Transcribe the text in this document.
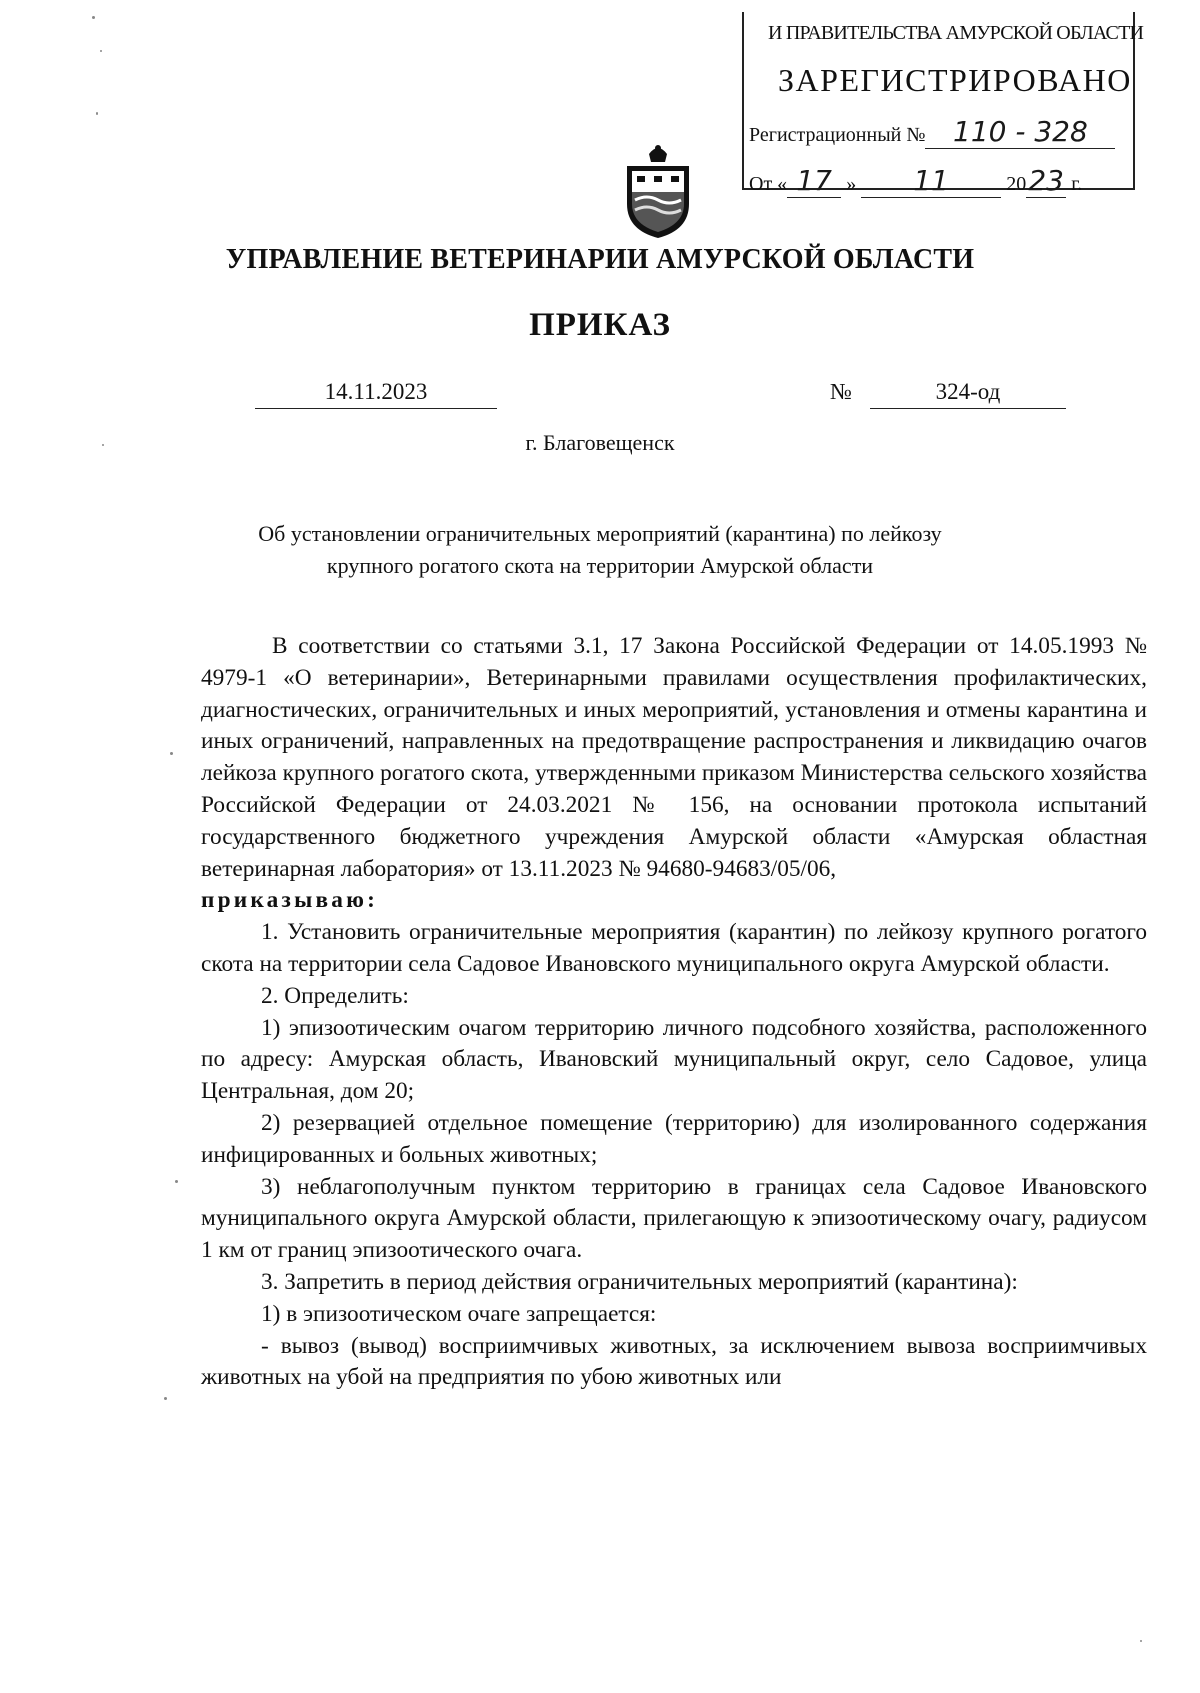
И ПРАВИТЕЛЬСТВА АМУРСКОЙ ОБЛАСТИ
ЗАРЕГИСТРИРОВАНО
Регистрационный № 110 - 328
От « 17 » 11	2023 г.
УПРАВЛЕНИЕ ВЕТЕРИНАРИИ АМУРСКОЙ ОБЛАСТИ
ПРИКАЗ
14.11.2023	№	324-од
г. Благовещенск
Об установлении ограничительных мероприятий (карантина) по лейкозу
крупного рогатого скота на территории Амурской области

В соответствии со статьями 3.1, 17 Закона Российской Федерации от 14.05.1993 № 4979-1 «О ветеринарии», Ветеринарными правилами осуществления профилактических, диагностических, ограничительных и иных мероприятий, установления и отмены карантина и иных ограничений, направленных на предотвращение распространения и ликвидацию очагов лейкоза крупного рогатого скота, утвержденными приказом Министерства сельского хозяйства Российской Федерации от 24.03.2021 № 156, на основании протокола испытаний государственного бюджетного учреждения Амурской области «Амурская областная ветеринарная лаборатория» от 13.11.2023 № 94680-94683/05/06,

приказываю:

1. Установить ограничительные мероприятия (карантин) по лейкозу крупного рогатого скота на территории села Садовое Ивановского муниципального округа Амурской области.

2. Определить:

1) эпизоотическим очагом территорию личного подсобного хозяйства, расположенного по адресу: Амурская область, Ивановский муниципальный округ, село Садовое, улица Центральная, дом 20;

2) резервацией отдельное помещение (территорию) для изолированного содержания инфицированных и больных животных;

3) неблагополучным пунктом территорию в границах села Садовое Ивановского муниципального округа Амурской области, прилегающую к эпизоотическому очагу, радиусом 1 км от границ эпизоотического очага.

3. Запретить в период действия ограничительных мероприятий (карантина):

1) в эпизоотическом очаге запрещается:

- вывоз (вывод) восприимчивых животных, за исключением вывоза восприимчивых животных на убой на предприятия по убою животных или
